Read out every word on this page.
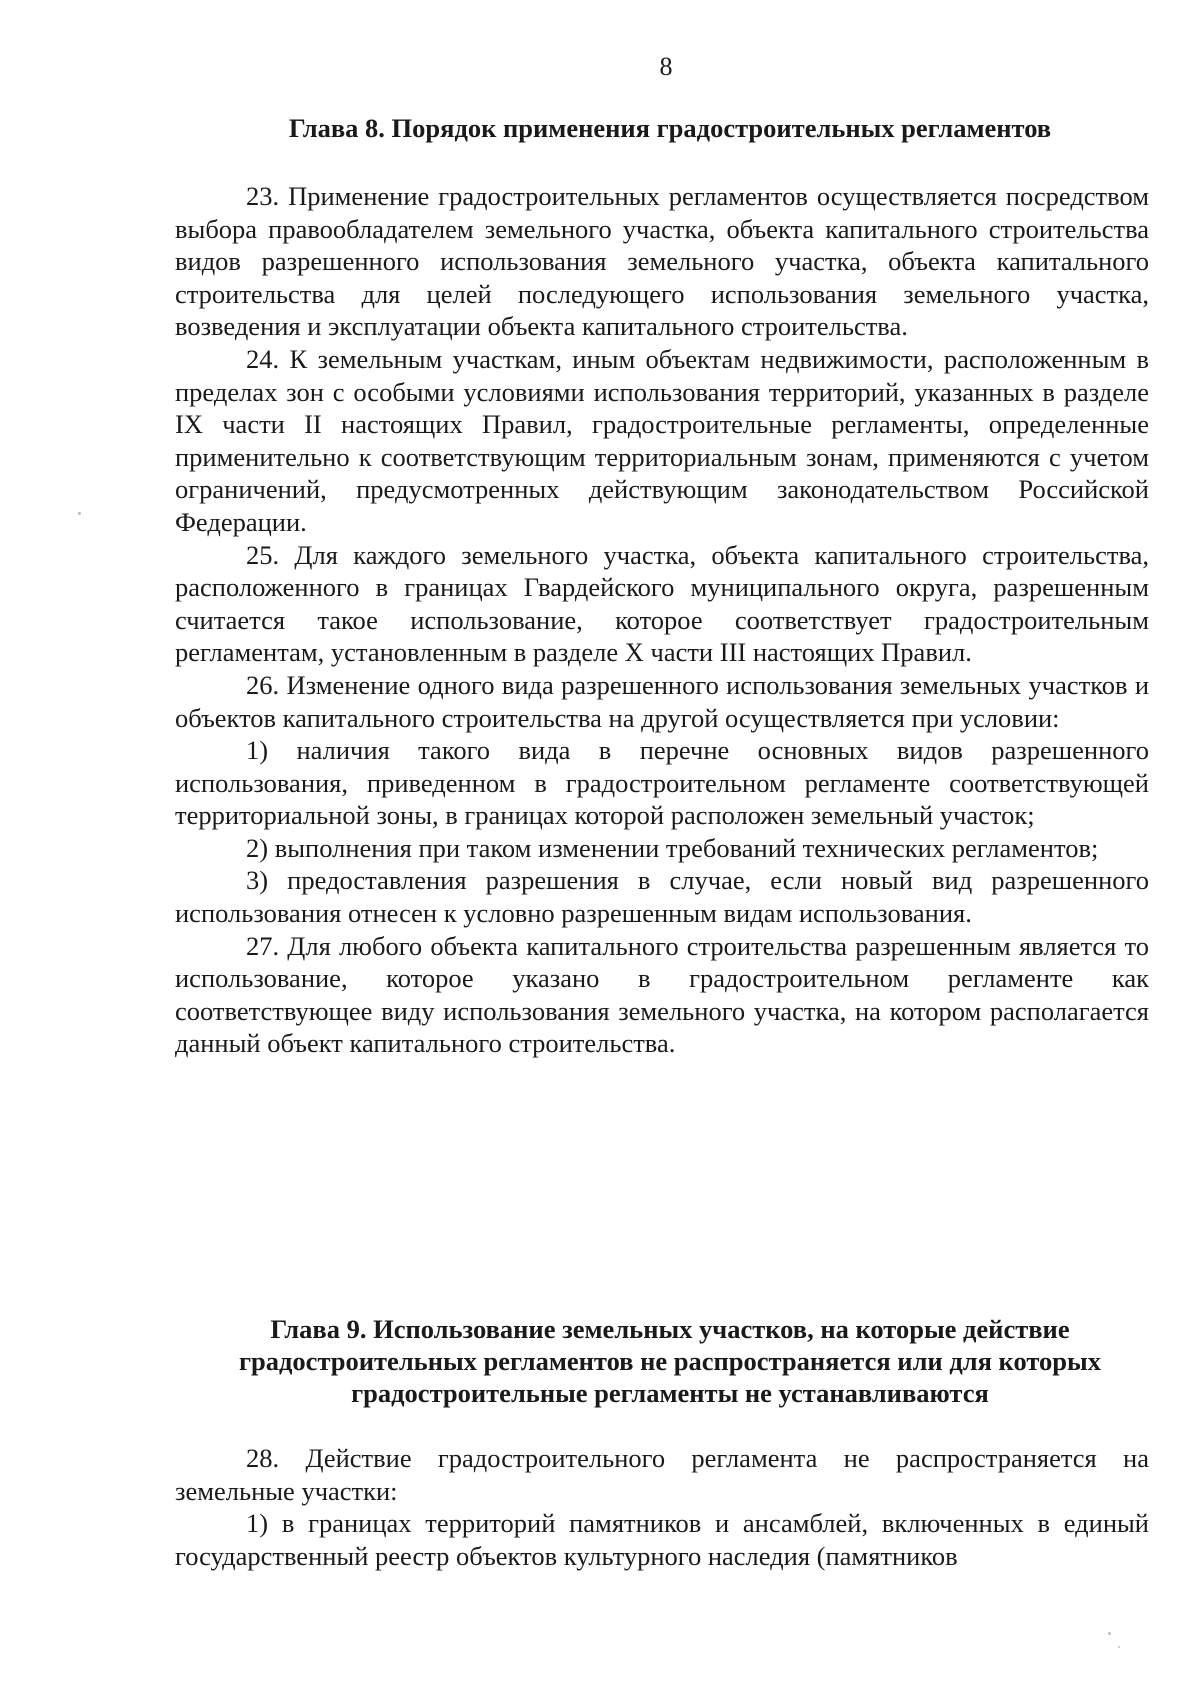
8
Глава 8. Порядок применения градостроительных регламентов

23. Применение градостроительных регламентов осуществляется посредством выбора правообладателем земельного участка, объекта капитального строительства видов разрешенного использования земельного участка, объекта капитального строительства для целей последующего использования земельного участка, возведения и эксплуатации объекта капитального строительства.

24. К земельным участкам, иным объектам недвижимости, расположенным в пределах зон с особыми условиями использования территорий, указанных в разделе IX части II настоящих Правил, градостроительные регламенты, определенные применительно к соответствующим территориальным зонам, применяются с учетом ограничений, предусмотренных действующим законодательством Российской Федерации.

25. Для каждого земельного участка, объекта капитального строительства, расположенного в границах Гвардейского муниципального округа, разрешенным считается такое использование, которое соответствует градостроительным регламентам, установленным в разделе X части III настоящих Правил.

26. Изменение одного вида разрешенного использования земельных участков и объектов капитального строительства на другой осуществляется при условии:

1) наличия такого вида в перечне основных видов разрешенного использования, приведенном в градостроительном регламенте соответствующей территориальной зоны, в границах которой расположен земельный участок;

2) выполнения при таком изменении требований технических регламентов;

3) предоставления разрешения в случае, если новый вид разрешенного использования отнесен к условно разрешенным видам использования.

27. Для любого объекта капитального строительства разрешенным является то использование, которое указано в градостроительном регламенте как соответствующее виду использования земельного участка, на котором располагается данный объект капитального строительства.

Глава 9. Использование земельных участков, на которые действие
градостроительных регламентов не распространяется или для которых
градостроительные регламенты не устанавливаются

28. Действие градостроительного регламента не распространяется на земельные участки:

1) в границах территорий памятников и ансамблей, включенных в единый государственный реестр объектов культурного наследия (памятников
